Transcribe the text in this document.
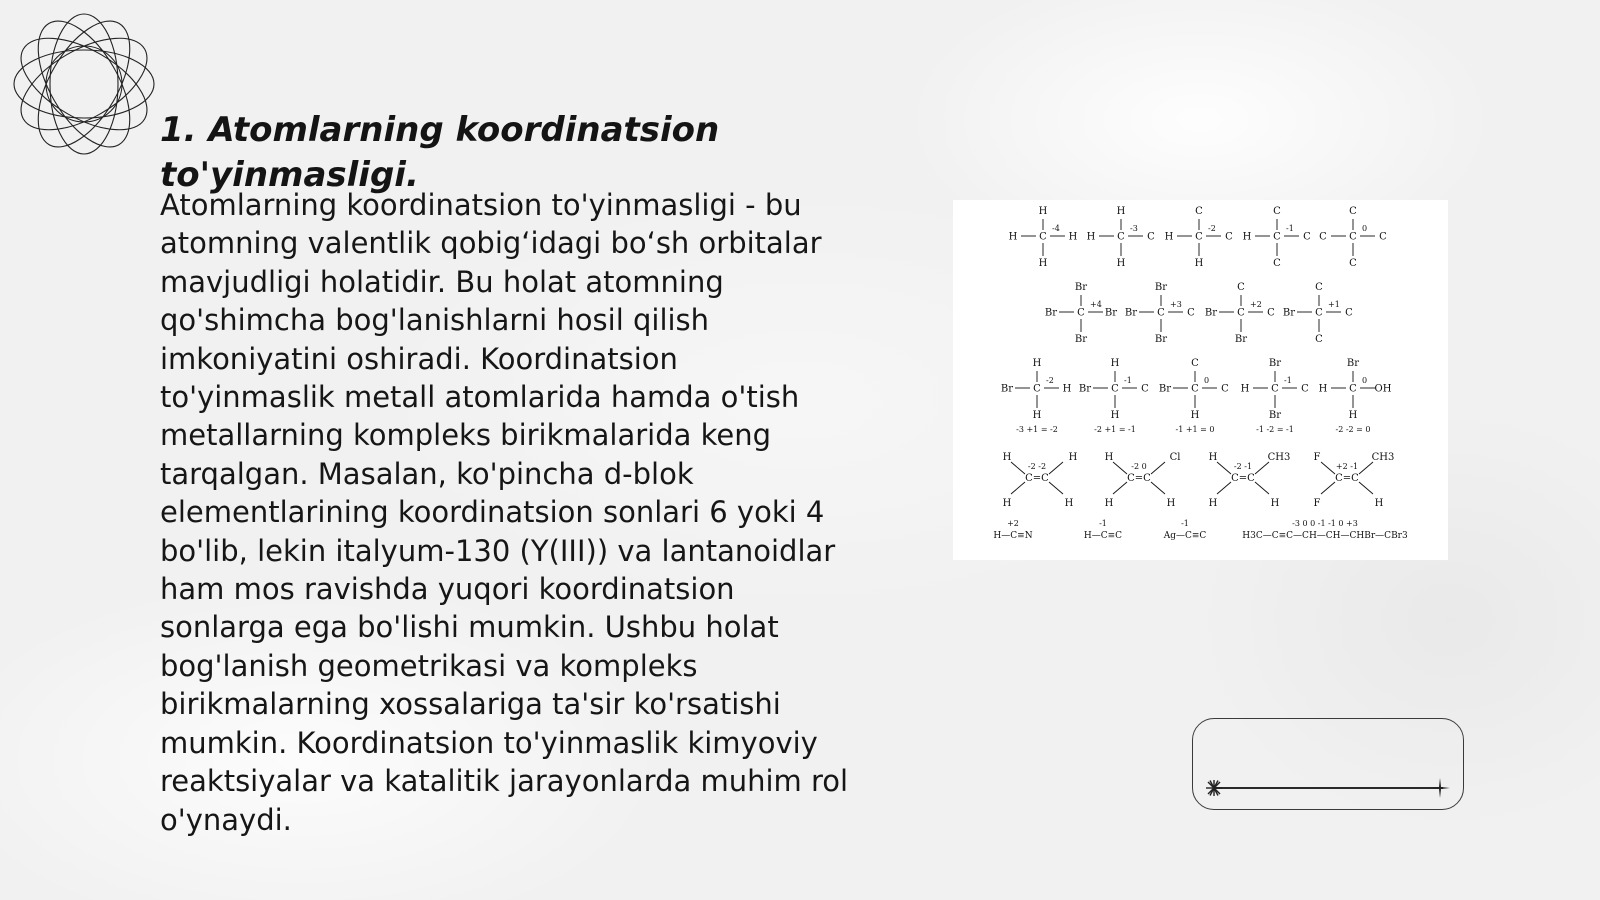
1. Atomlarning koordinatsion to'yinmasligi.

Atomlarning koordinatsion to'yinmasligi - bu atomning valentlik qobig‘idagi bo‘sh orbitalar mavjudligi holatidir. Bu holat atomning qo'shimcha bog'lanishlarni hosil qilish imkoniyatini oshiradi. Koordinatsion to'yinmaslik metall atomlarida hamda o'tish metallarning kompleks birikmalarida keng tarqalgan. Masalan, ko'pincha d-blok elementlarining koordinatsion sonlari 6 yoki 4 bo'lib, lekin italyum-130 (Y(III)) va lantanoidlar ham mos ravishda yuqori koordinatsion sonlarga ega bo'lishi mumkin. Ushbu holat bog'lanish geometrikasi va kompleks birikmalarning xossalariga ta'sir ko'rsatishi mumkin. Koordinatsion to'yinmaslik kimyoviy reaktsiyalar va katalitik jarayonlarda muhim rol o'ynaydi.

C
H
H
H	H
-4
C
H
H
H	C
-3
C
C
H
H	C
-2
C
C
C
H	C
-1
C
C
C
C	C
0
C
Br
Br
Br	Br
+4
C
Br
Br
Br	C
+3
C
C
Br
Br	C
+2
C
C
C
Br	C
+1
C
H
H
Br	H
-2
-3 +1 = -2
C
H
H
Br	C
-1
-2 +1 = -1
C
C
H
Br	C
0
-1 +1 = 0
C
Br
Br
H	C
-1
-1 -2 = -1
C
Br
H
H	OH
0
-2 -2 = 0
C=C
H
H
H
H
-2 -2
C=C
H
H
Cl
H
-2 0
C=C
H
H
CH3
H
-2 -1
C=C
F
F
CH3
H
+2 -1
H—C≡N
+2
H—C≡C
-1
Ag—C≡C
-1
H3C—C≡C—CH—CH—CHBr—CBr3
-3 0 0 -1 -1 0 +3
